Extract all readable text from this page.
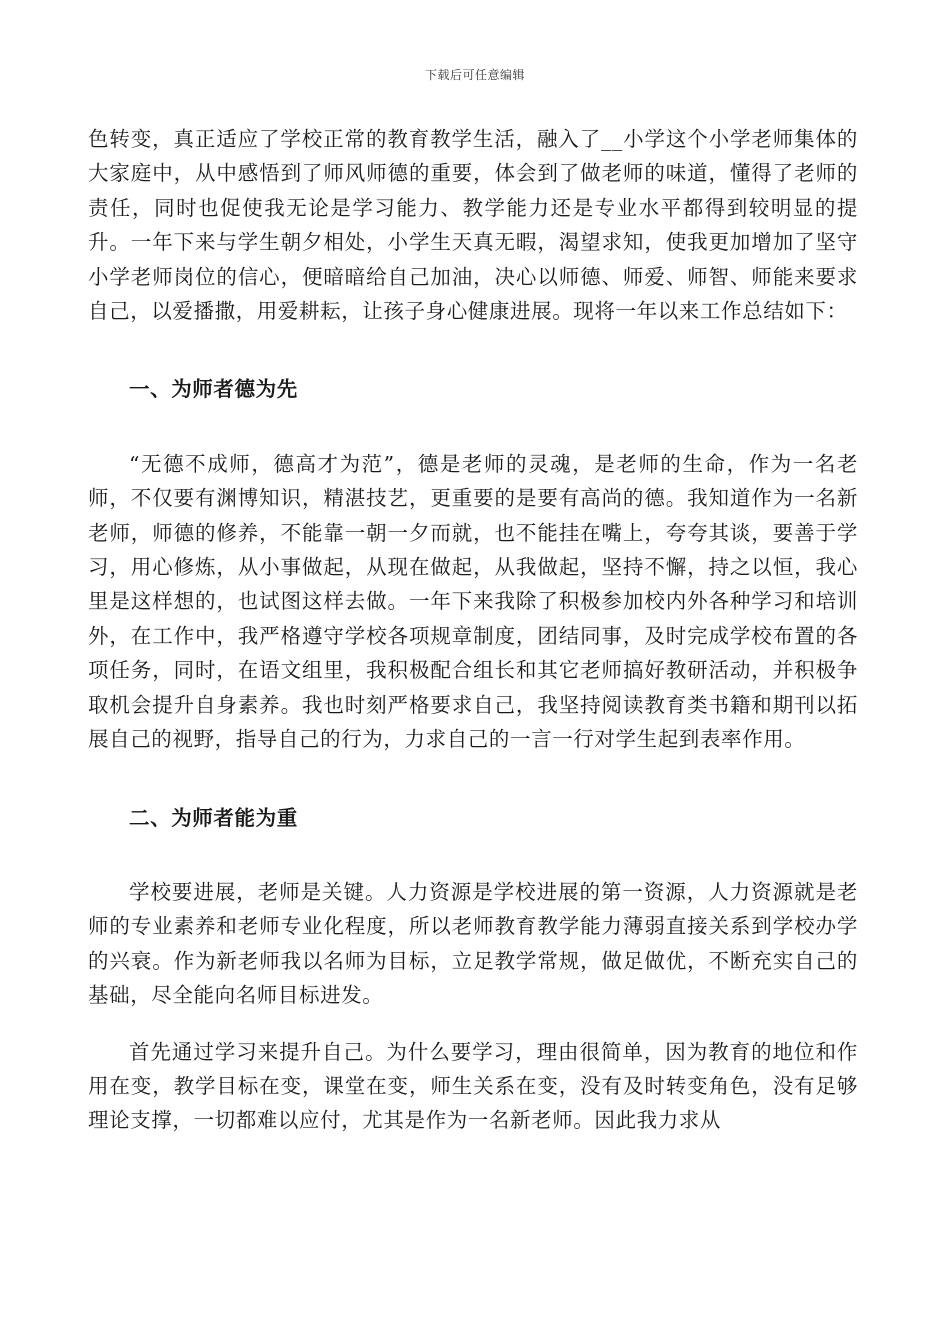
下载后可任意编辑

色转变，真正适应了学校正常的教育教学生活，融入了__小学这个小学老师集体的大家庭中，从中感悟到了师风师德的重要，体会到了做老师的味道，懂得了老师的责任，同时也促使我无论是学习能力、教学能力还是专业水平都得到较明显的提升。一年下来与学生朝夕相处，小学生天真无暇，渴望求知，使我更加增加了坚守小学老师岗位的信心，便暗暗给自己加油，决心以师德、师爱、师智、师能来要求自己，以爱播撒，用爱耕耘，让孩子身心健康进展。现将一年以来工作总结如下：

一、为师者德为先

“无德不成师，德高才为范”，德是老师的灵魂，是老师的生命，作为一名老师，不仅要有渊博知识，精湛技艺，更重要的是要有高尚的德。我知道作为一名新老师，师德的修养，不能靠一朝一夕而就，也不能挂在嘴上，夸夸其谈，要善于学习，用心修炼，从小事做起，从现在做起，从我做起，坚持不懈，持之以恒，我心里是这样想的，也试图这样去做。一年下来我除了积极参加校内外各种学习和培训外，在工作中，我严格遵守学校各项规章制度，团结同事，及时完成学校布置的各项任务，同时，在语文组里，我积极配合组长和其它老师搞好教研活动，并积极争取机会提升自身素养。我也时刻严格要求自己，我坚持阅读教育类书籍和期刊以拓展自己的视野，指导自己的行为，力求自己的一言一行对学生起到表率作用。

二、为师者能为重

学校要进展，老师是关键。人力资源是学校进展的第一资源，人力资源就是老师的专业素养和老师专业化程度，所以老师教育教学能力薄弱直接关系到学校办学的兴衰。作为新老师我以名师为目标，立足教学常规，做足做优，不断充实自己的基础，尽全能向名师目标进发。

首先通过学习来提升自己。为什么要学习，理由很简单，因为教育的地位和作用在变，教学目标在变，课堂在变，师生关系在变，没有及时转变角色，没有足够理论支撑，一切都难以应付，尤其是作为一名新老师。因此我力求从
